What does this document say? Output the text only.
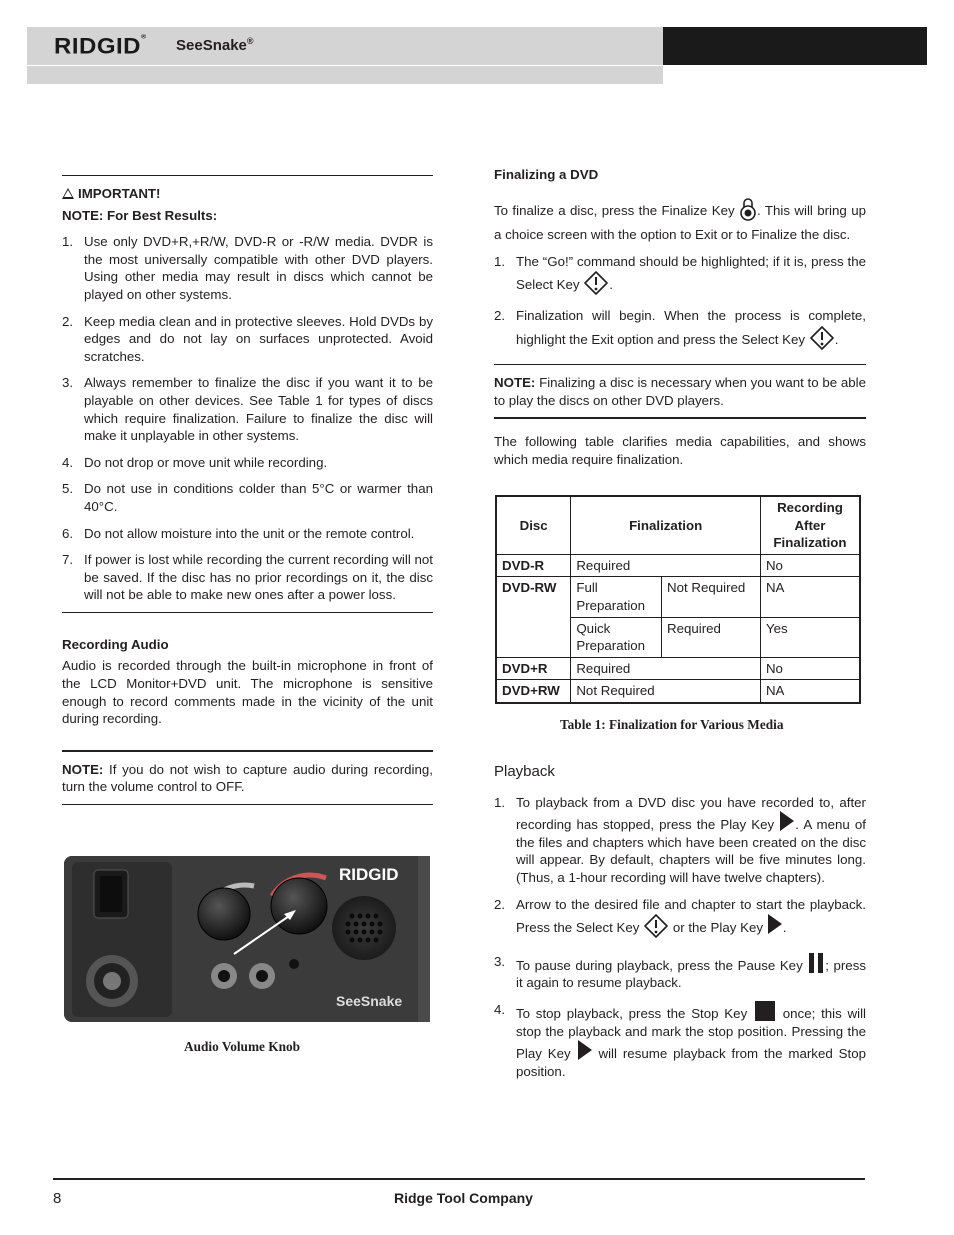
RIDGID® SeeSnake®

IMPORTANT!

NOTE: For Best Results:

1. Use only DVD+R,+R/W, DVD-R or -R/W media. DVDR is the most universally compatible with other DVD players. Using other media may result in discs which cannot be played on other systems.
2. Keep media clean and in protective sleeves. Hold DVDs by edges and do not lay on surfaces unprotected. Avoid scratches.
3. Always remember to finalize the disc if you want it to be playable on other devices. See Table 1 for types of discs which require finalization. Failure to finalize the disc will make it unplayable in other systems.
4. Do not drop or move unit while recording.
5. Do not use in conditions colder than 5°C or warmer than 40°C.
6. Do not allow moisture into the unit or the remote control.
7. If power is lost while recording the current recording will not be saved. If the disc has no prior recordings on it, the disc will not be able to make new ones after a power loss.

Recording Audio

Audio is recorded through the built-in microphone in front of the LCD Monitor+DVD unit. The microphone is sensitive enough to record comments made in the vicinity of the unit during recording.

NOTE: If you do not wish to capture audio during recording, turn the volume control to OFF.

RIDGID
SeeSnake
Audio Volume Knob

Finalizing a DVD

To finalize a disc, press the Finalize Key . This will bring up a choice screen with the option to Exit or to Finalize the disc.

1. The “Go!” command should be highlighted; if it is, press the Select Key .
2. Finalization will begin. When the process is complete, highlight the Exit option and press the Select Key .

NOTE: Finalizing a disc is necessary when you want to be able to play the discs on other DVD players.

The following table clarifies media capabilities, and shows which media require finalization.

Disc	Finalization		Recording After Finalization
DVD-R	Required		No
DVD-RW	Full Preparation	Not Required	NA
	Quick Preparation	Required	Yes
DVD+R	Required		No
DVD+RW	Not Required		NA
Table 1: Finalization for Various Media

Playback

1. To playback from a DVD disc you have recorded to, after recording has stopped, press the Play Key . A menu of the files and chapters which have been created on the disc will appear. By default, chapters will be five minutes long. (Thus, a 1-hour recording will have twelve chapters).
2. Arrow to the desired file and chapter to start the playback. Press the Select Key  or the Play Key .
3. To pause during playback, press the Pause Key ; press it again to resume playback.
4. To stop playback, press the Stop Key  once; this will stop the playback and mark the stop position. Pressing the Play Key  will resume playback from the marked Stop position.
8	Ridge Tool Company
